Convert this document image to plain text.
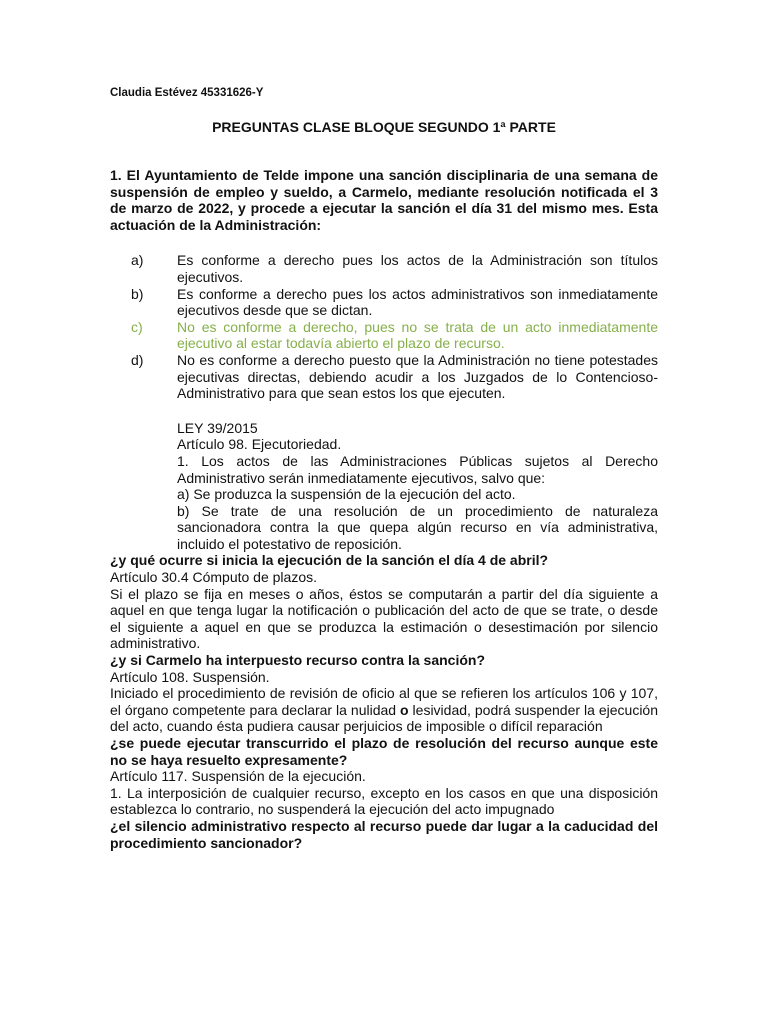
Claudia Estévez 45331626-Y

PREGUNTAS CLASE BLOQUE SEGUNDO 1ª PARTE

1. El Ayuntamiento de Telde impone una sanción disciplinaria de una semana de suspensión de empleo y sueldo, a Carmelo, mediante resolución notificada el 3 de marzo de 2022, y procede a ejecutar la sanción el día 31 del mismo mes. Esta actuación de la Administración:

a)	Es conforme a derecho pues los actos de la Administración son títulos ejecutivos.
b)	Es conforme a derecho pues los actos administrativos son inmediatamente ejecutivos desde que se dictan.
c)	No es conforme a derecho, pues no se trata de un acto inmediatamente ejecutivo al estar todavía abierto el plazo de recurso.
d)	No es conforme a derecho puesto que la Administración no tiene potestades ejecutivas directas, debiendo acudir a los Juzgados de lo Contencioso-Administrativo para que sean estos los que ejecuten.

LEY 39/2015

Artículo 98. Ejecutoriedad.

1. Los actos de las Administraciones Públicas sujetos al Derecho Administrativo serán inmediatamente ejecutivos, salvo que:

a) Se produzca la suspensión de la ejecución del acto.

b) Se trate de una resolución de un procedimiento de naturaleza sancionadora contra la que quepa algún recurso en vía administrativa, incluido el potestativo de reposición.

¿y qué ocurre si inicia la ejecución de la sanción el día 4 de abril?

Artículo 30.4 Cómputo de plazos.

Si el plazo se fija en meses o años, éstos se computarán a partir del día siguiente a aquel en que tenga lugar la notificación o publicación del acto de que se trate, o desde el siguiente a aquel en que se produzca la estimación o desestimación por silencio administrativo.

¿y si Carmelo ha interpuesto recurso contra la sanción?

Artículo 108. Suspensión.

Iniciado el procedimiento de revisión de oficio al que se refieren los artículos 106 y 107, el órgano competente para declarar la nulidad o lesividad, podrá suspender la ejecución del acto, cuando ésta pudiera causar perjuicios de imposible o difícil reparación

¿se puede ejecutar transcurrido el plazo de resolución del recurso aunque este no se haya resuelto expresamente?

Artículo 117. Suspensión de la ejecución.

1. La interposición de cualquier recurso, excepto en los casos en que una disposición establezca lo contrario, no suspenderá la ejecución del acto impugnado

¿el silencio administrativo respecto al recurso puede dar lugar a la caducidad del procedimiento sancionador?
